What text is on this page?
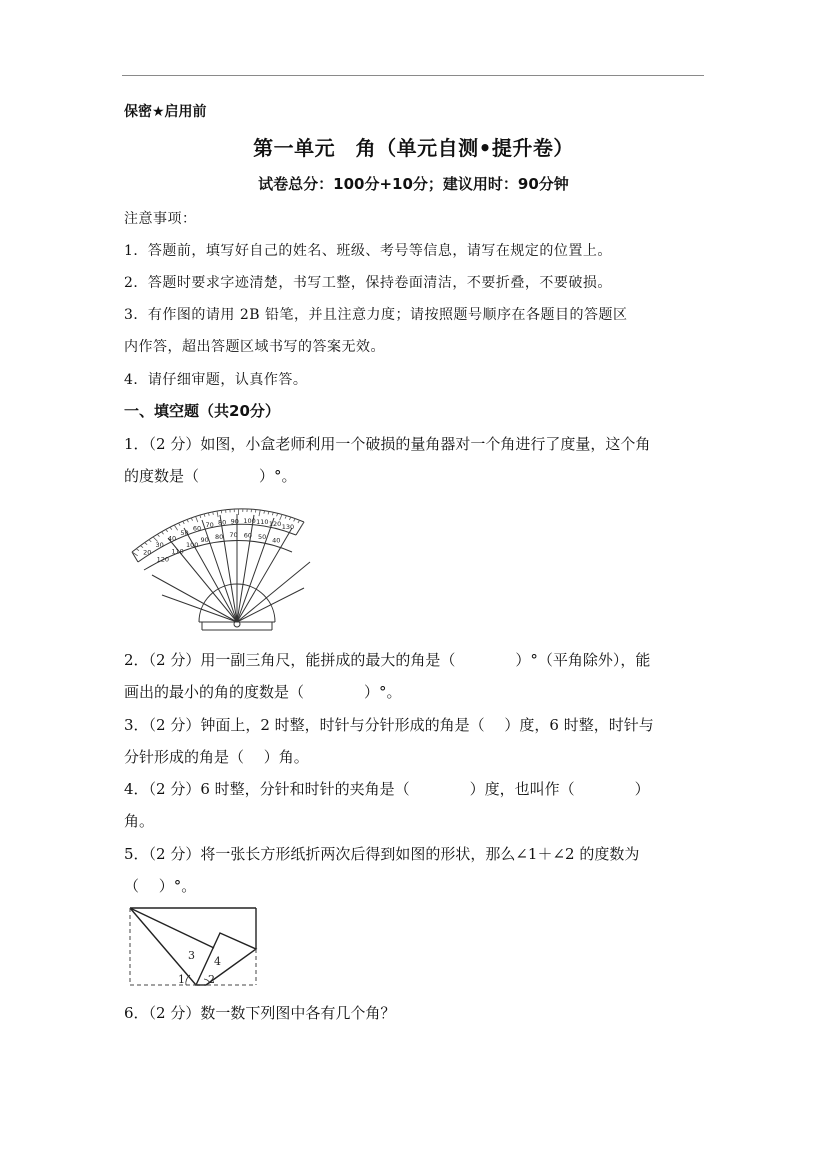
保密★启用前
第一单元　角（单元自测•提升卷）
试卷总分：100分+10分；建议用时：90分钟
注意事项：
1．答题前，填写好自己的姓名、班级、考号等信息，请写在规定的位置上。
2．答题时要求字迹清楚，书写工整，保持卷面清洁，不要折叠，不要破损。
3．有作图的请用 2B 铅笔，并且注意力度；请按照题号顺序在各题目的答题区
内作答，超出答题区域书写的答案无效。
4．请仔细审题，认真作答。
一、填空题（共20分）
1．（2 分）如图，小盒老师利用一个破损的量角器对一个角进行了度量，这个角
的度数是（　　　　）°。
20
30
40
50
60 70 80 90 100 110 120 130
120
110
100
90 80 70 60 50 40
2．（2 分）用一副三角尺，能拼成的最大的角是（　　　　）°（平角除外），能
画出的最小的角的度数是（　　　　）°。
3．（2 分）钟面上，2 时整，时针与分针形成的角是（　 ）度，6 时整，时针与
分针形成的角是（　 ）角。
4．（2 分）6 时整，分针和时针的夹角是（　　　　）度，也叫作（　　　　）
角。
5．（2 分）将一张长方形纸折两次后得到如图的形状，那么∠1＋∠2 的度数为
（　 ）°。
1 2
3 4
6．（2 分）数一数下列图中各有几个角？
